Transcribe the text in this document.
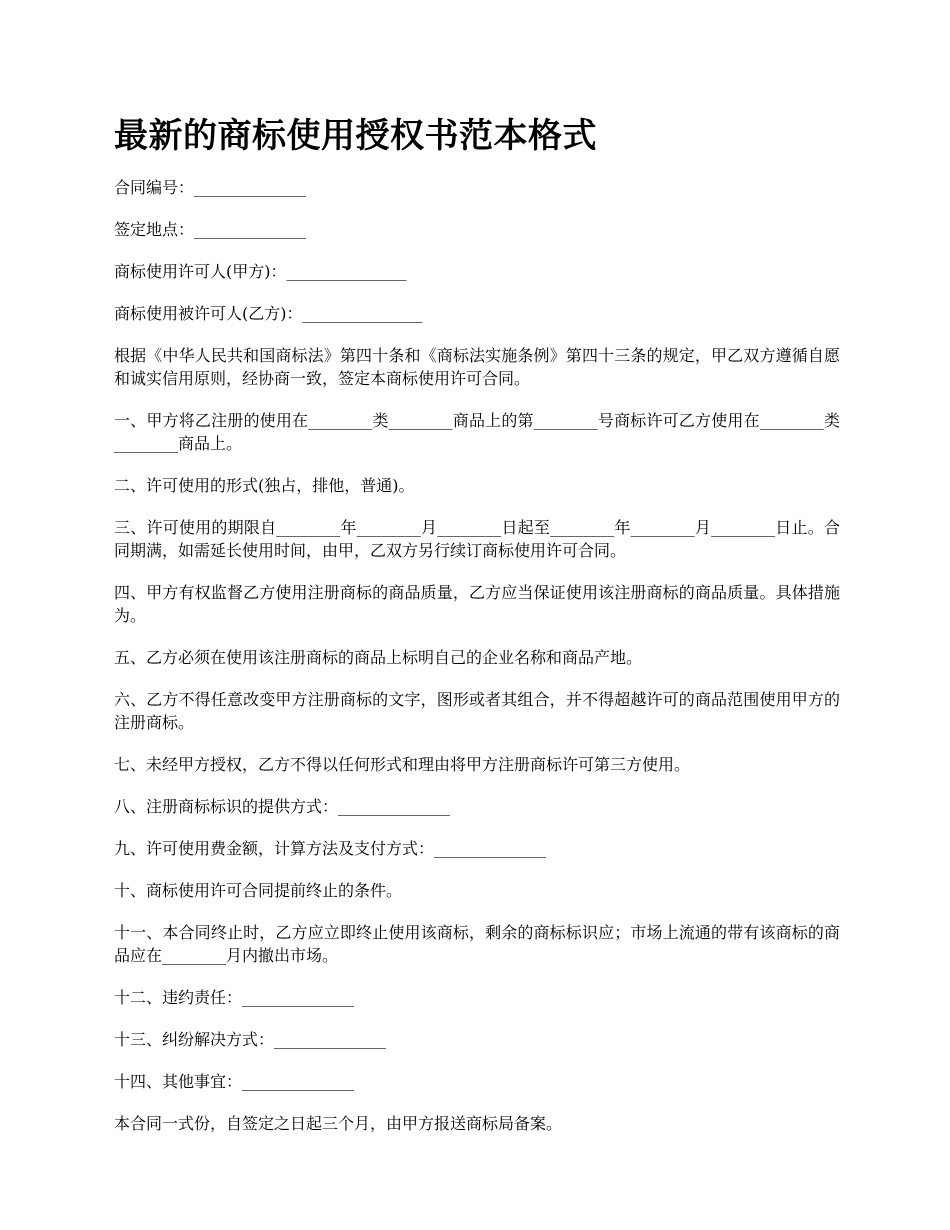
最新的商标使用授权书范本格式

合同编号：______________

签定地点：______________

商标使用许可人(甲方)：_______________

商标使用被许可人(乙方)：_______________

根据《中华人民共和国商标法》第四十条和《商标法实施条例》第四十三条的规定，甲乙双方遵循自愿和诚实信用原则，经协商一致，签定本商标使用许可合同。

一、甲方将乙注册的使用在________类________商品上的第________号商标许可乙方使用在________类________商品上。

二、许可使用的形式(独占，排他，普通)。

三、许可使用的期限自________年________月________日起至________年________月________日止。合同期满，如需延长使用时间，由甲，乙双方另行续订商标使用许可合同。

四、甲方有权监督乙方使用注册商标的商品质量，乙方应当保证使用该注册商标的商品质量。具体措施为。

五、乙方必须在使用该注册商标的商品上标明自己的企业名称和商品产地。

六、乙方不得任意改变甲方注册商标的文字，图形或者其组合，并不得超越许可的商品范围使用甲方的注册商标。

七、未经甲方授权，乙方不得以任何形式和理由将甲方注册商标许可第三方使用。

八、注册商标标识的提供方式：______________

九、许可使用费金额，计算方法及支付方式：______________

十、商标使用许可合同提前终止的条件。

十一、本合同终止时，乙方应立即终止使用该商标，剩余的商标标识应；市场上流通的带有该商标的商品应在________月内撤出市场。

十二、违约责任：______________

十三、纠纷解决方式：______________

十四、其他事宜：______________

本合同一式份，自签定之日起三个月，由甲方报送商标局备案。
